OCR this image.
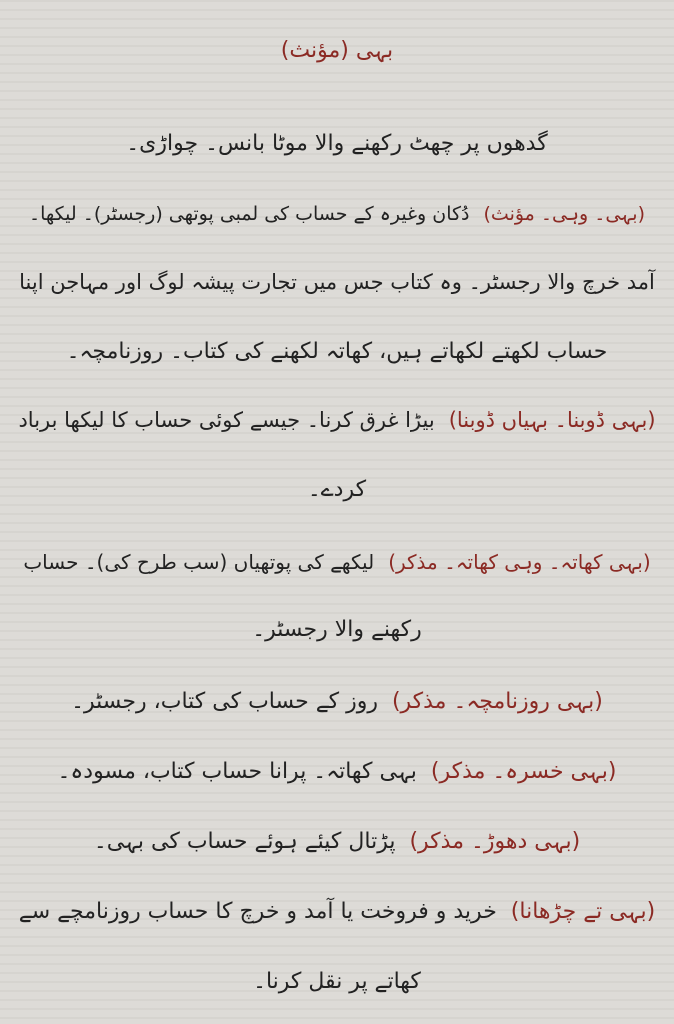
بہی (مؤنث)
گدھوں پر چھٹ رکھنے والا موٹا بانس۔ چواڑی۔
(بہی۔ وہی۔ مؤنث)دُکان وغیرہ کے حساب کی لمبی پوتھی (رجسٹر)۔ لیکھا۔
آمد خرچ والا رجسٹر۔ وہ کتاب جس میں تجارت پیشہ لوگ اور مہاجن اپنا
حساب لکھتے لکھاتے ہیں، کھاتہ لکھنے کی کتاب۔ روزنامچہ۔
(بہی ڈوبنا۔ بہیاں ڈوبنا)بیڑا غرق کرنا۔ جیسے کوئی حساب کا لیکھا برباد
کردے۔
(بہی کھاتہ۔ وہی کھاتہ۔ مذکر)لیکھے کی پوتھیاں (سب طرح کی)۔ حساب
رکھنے والا رجسٹر۔
(بہی روزنامچہ۔ مذکر)روز کے حساب کی کتاب، رجسٹر۔
(بہی خسرہ۔ مذکر)بہی کھاتہ۔ پرانا حساب کتاب، مسودہ۔
(بہی دھوڑ۔ مذکر)پڑتال کیئے ہوئے حساب کی بہی۔
(بہی تے چڑھانا)خرید و فروخت یا آمد و خرچ کا حساب روزنامچے سے
کھاتے پر نقل کرنا۔
